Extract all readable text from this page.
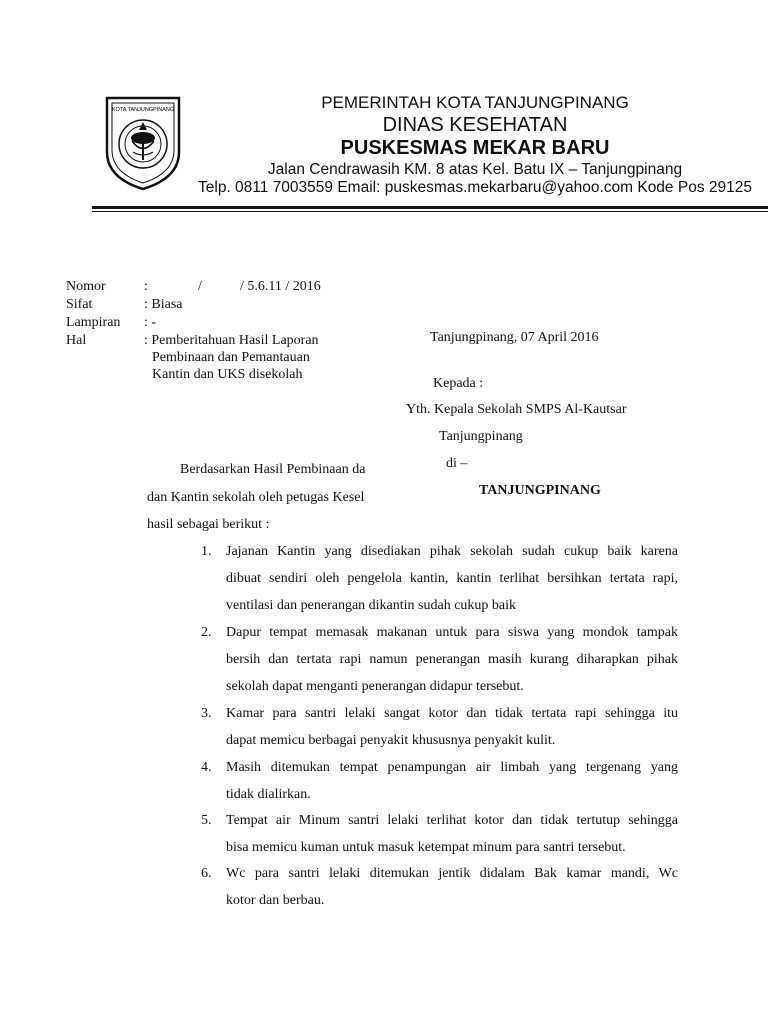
KOTA TANJUNGPINANG	PEMERINTAH KOTA TANJUNGPINANG
DINAS KESEHATAN
PUSKESMAS MEKAR BARU
Jalan Cendrawasih KM. 8 atas Kel. Batu IX – Tanjungpinang
Telp. 0811 7003559 Email: puskesmas.mekarbaru@yahoo.com Kode Pos 29125
Nomor	:	/	/ 5.6.11 / 2016
Sifat	: Biasa
Lampiran : -
Hal	: Pemberitahuan Hasil Laporan
Pembinaan dan Pemantauan
Kantin dan UKS disekolah
Tanjungpinang, 07 April 2016
Kepada :
Yth. Kepala Sekolah SMPS Al-Kautsar
Tanjungpinang
di –
TANJUNGPINANG
Berdasarkan Hasil Pembinaan da
dan Kantin sekolah oleh petugas Kesel
hasil sebagai berikut :
1. Jajanan Kantin yang disediakan pihak sekolah sudah cukup baik karena
dibuat sendiri oleh pengelola kantin, kantin terlihat bersihkan tertata rapi,
ventilasi dan penerangan dikantin sudah cukup baik
2. Dapur tempat memasak makanan untuk para siswa yang mondok tampak
bersih dan tertata rapi namun penerangan masih kurang diharapkan pihak
sekolah dapat menganti penerangan didapur tersebut.
3. Kamar para santri lelaki sangat kotor dan tidak tertata rapi sehingga itu
dapat memicu berbagai penyakit khususnya penyakit kulit.
4. Masih ditemukan tempat penampungan air limbah yang tergenang yang
tidak dialirkan.
5. Tempat air Minum santri lelaki terlihat kotor dan tidak tertutup sehingga
bisa memicu kuman untuk masuk ketempat minum para santri tersebut.
6. Wc para santri lelaki ditemukan jentik didalam Bak kamar mandi, Wc
kotor dan berbau.
